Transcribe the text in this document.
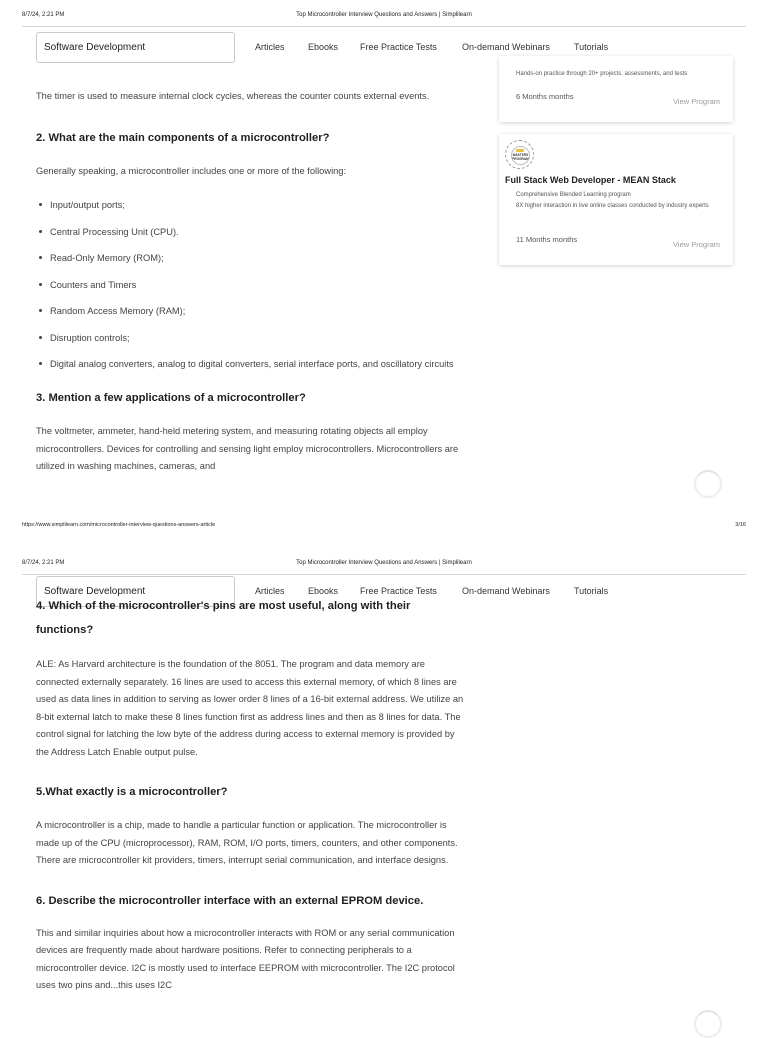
8/7/24, 2:21 PM	Top Microcontroller Interview Questions and Answers | Simplilearn
Software Development	Articles	Ebooks Free Practice Tests	On-demand Webinars	Tutorials
Hands-on practice through 20+ projects, assessments, and tests
6 Months months
View Program
MASTERS PROGRAM
Full Stack Web Developer - MEAN Stack
Comprehensive Blended Learning program
8X higher interaction in live online classes conducted by industry experts
11 Months months
View Program

The timer is used to measure internal clock cycles, whereas the counter counts external events.

2. What are the main components of a microcontroller?

Generally speaking, a microcontroller includes one or more of the following:

Input/output ports;
Central Processing Unit (CPU).
Read-Only Memory (ROM);
Counters and Timers
Random Access Memory (RAM);
Disruption controls;
Digital analog converters, analog to digital converters, serial interface ports, and oscillatory circuits
3. Mention a few applications of a microcontroller?

The voltmeter, ammeter, hand-held metering system, and measuring rotating objects all employ microcontrollers. Devices for controlling and sensing light employ microcontrollers. Microcontrollers are utilized in washing machines, cameras, and

https://www.simplilearn.com/microcontroller-interview-questions-answers-article	3/16
8/7/24, 2:21 PM	Top Microcontroller Interview Questions and Answers | Simplilearn
Software Development	Articles	Ebooks Free Practice Tests	On-demand Webinars	Tutorials
4. Which of the microcontroller's pins are most useful, along with their
functions?

ALE: As Harvard architecture is the foundation of the 8051. The program and data memory are connected externally separately. 16 lines are used to access this external memory, of which 8 lines are used as data lines in addition to serving as lower order 8 lines of a 16-bit external address. We utilize an 8-bit external latch to make these 8 lines function first as address lines and then as 8 lines for data. The control signal for latching the low byte of the address during access to external memory is provided by the Address Latch Enable output pulse.

5.What exactly is a microcontroller?

A microcontroller is a chip, made to handle a particular function or application. The microcontroller is made up of the CPU (microprocessor), RAM, ROM, I/O ports, timers, counters, and other components. There are microcontroller kit providers, timers, interrupt serial communication, and interface designs.

6. Describe the microcontroller interface with an external EPROM device.

This and similar inquiries about how a microcontroller interacts with ROM or any serial communication devices are frequently made about hardware positions. Refer to connecting peripherals to a microcontroller device. I2C is mostly used to interface EEPROM with microcontroller. The I2C protocol uses two pins and...this uses I2C
